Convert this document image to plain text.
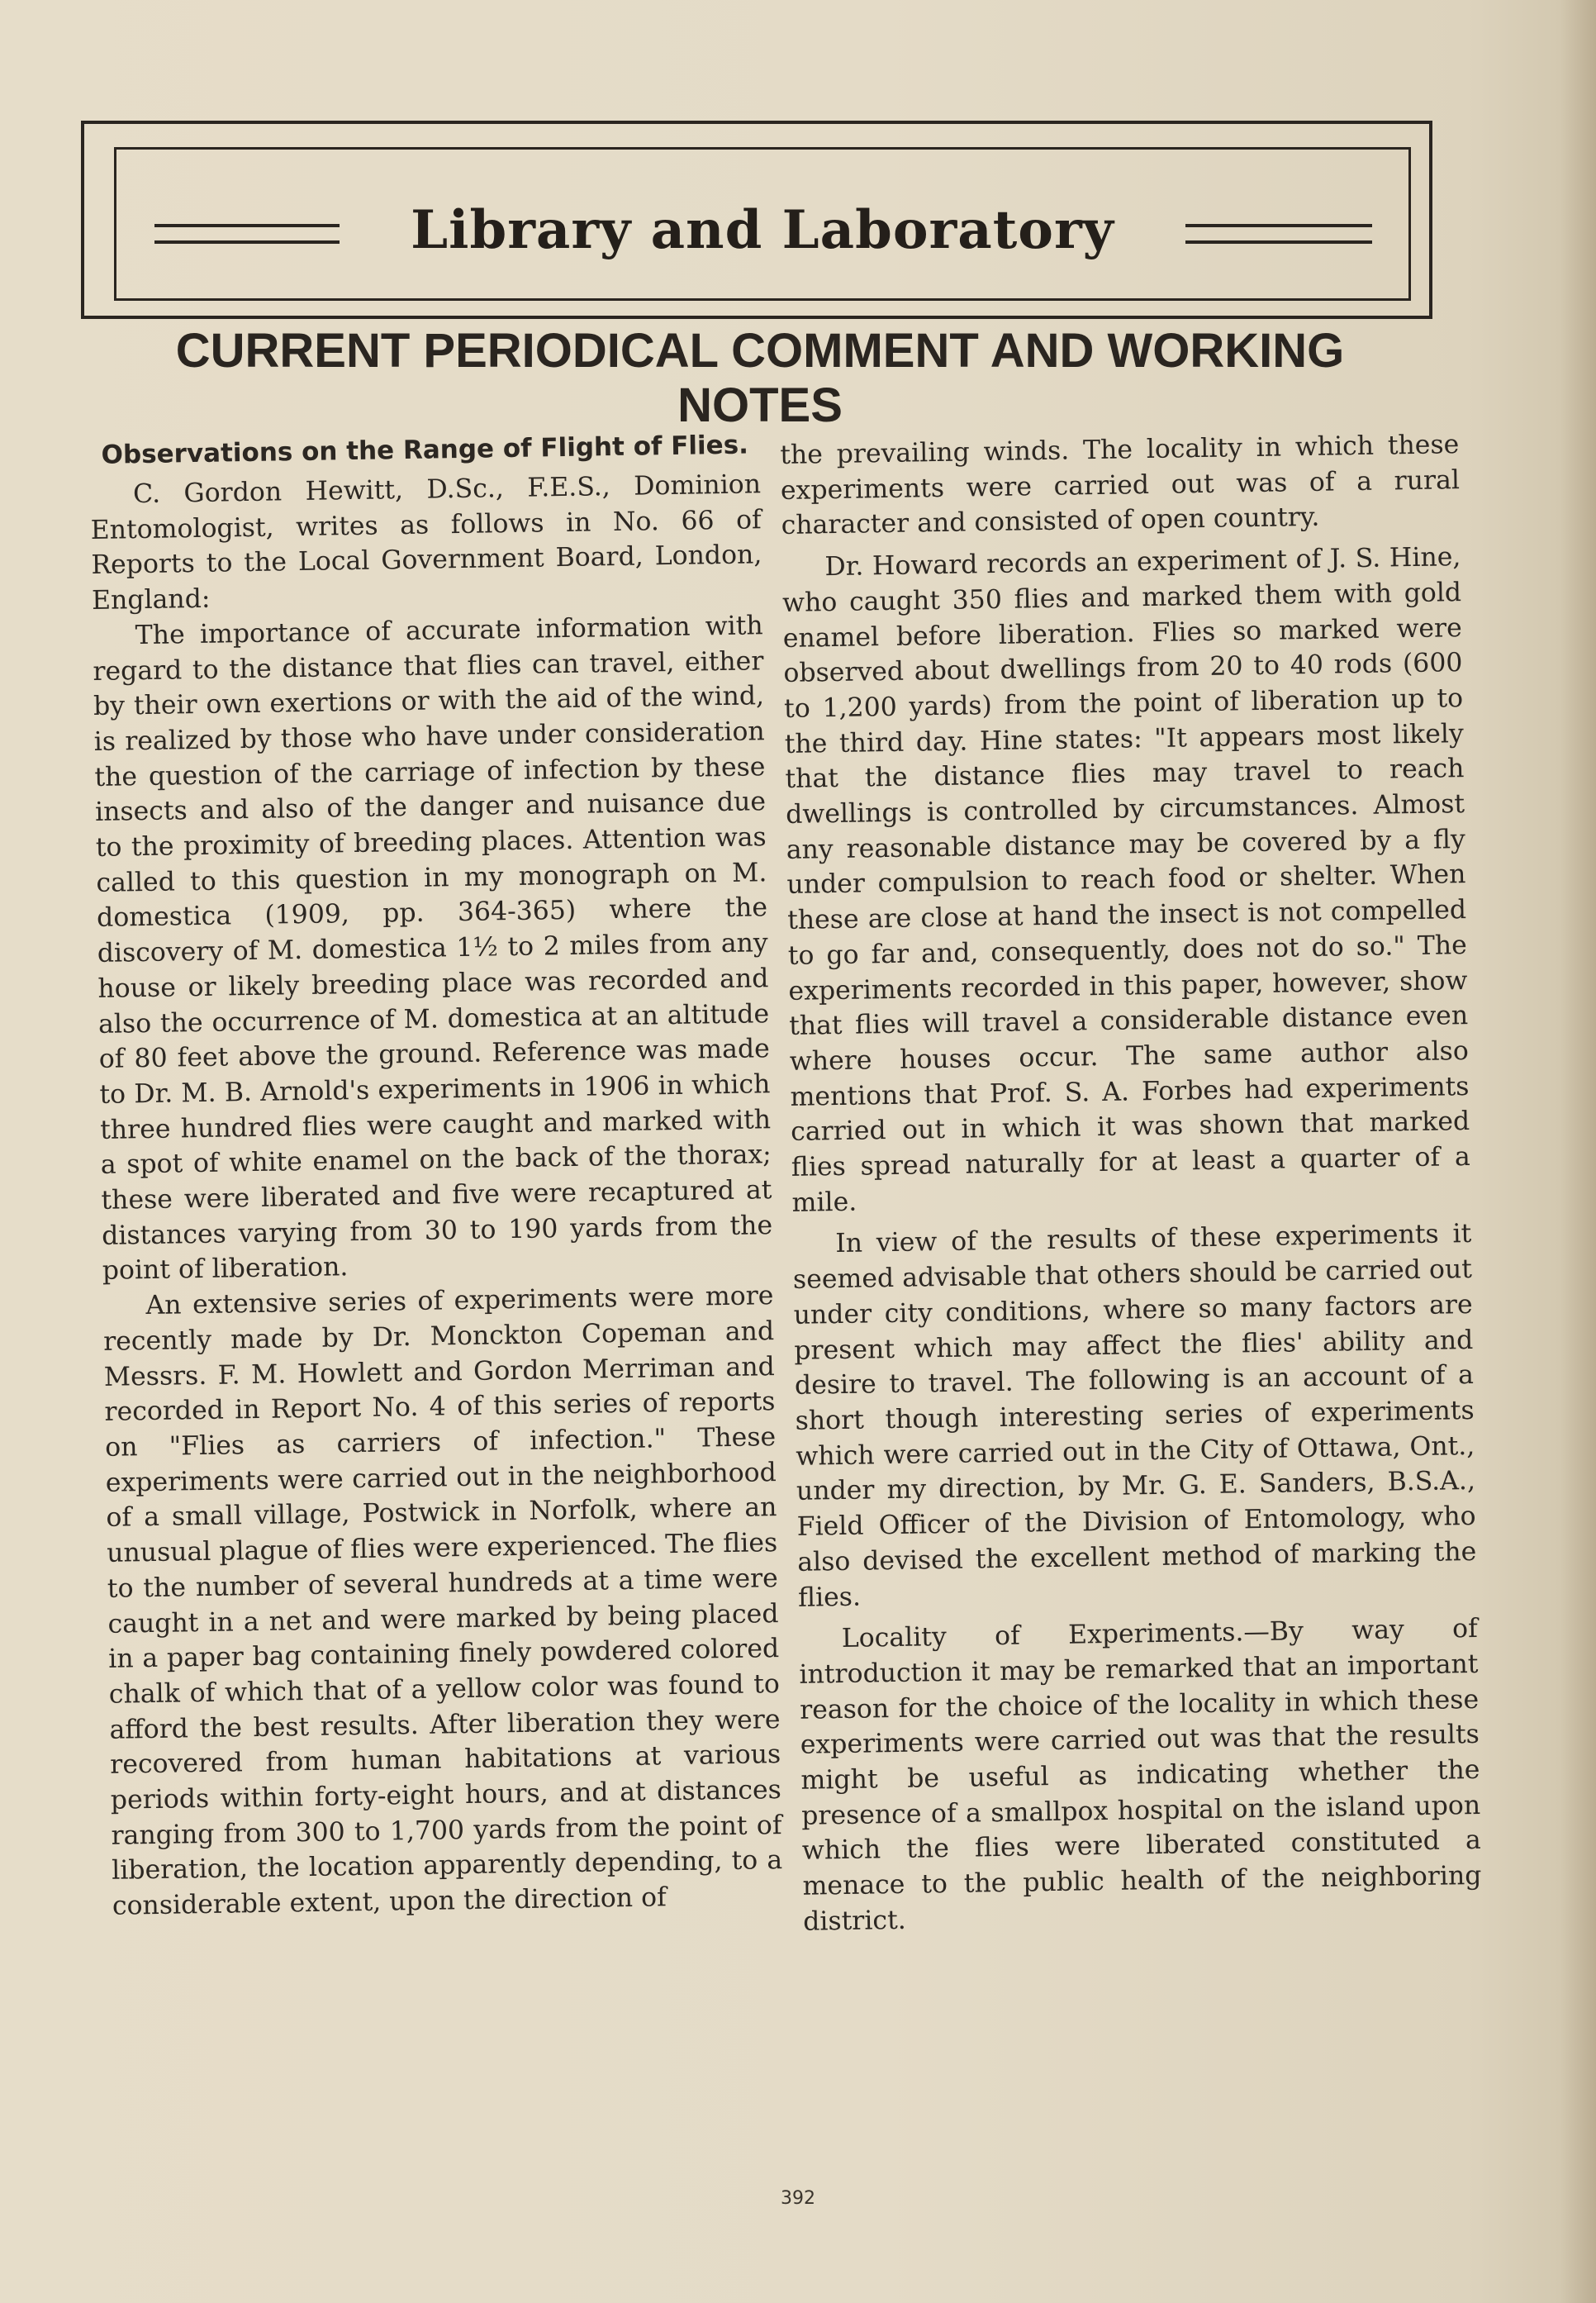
Library and Laboratory
CURRENT PERIODICAL COMMENT AND WORKING NOTES
Observations on the Range of Flight of Flies.

C. Gordon Hewitt, D.Sc., F.E.S., Dominion Entomologist, writes as follows in No. 66 of Reports to the Local Government Board, London, England:

The importance of accurate information with regard to the distance that flies can travel, either by their own exertions or with the aid of the wind, is realized by those who have under consideration the question of the carriage of infection by these insects and also of the danger and nuisance due to the proximity of breeding places. Attention was called to this question in my monograph on M. domestica (1909, pp. 364-365) where the discovery of M. domestica 1½ to 2 miles from any house or likely breeding place was recorded and also the occurrence of M. domestica at an altitude of 80 feet above the ground. Reference was made to Dr. M. B. Arnold's experiments in 1906 in which three hundred flies were caught and marked with a spot of white enamel on the back of the thorax; these were liberated and five were recaptured at distances varying from 30 to 190 yards from the point of liberation.

An extensive series of experiments were more recently made by Dr. Monckton Copeman and Messrs. F. M. Howlett and Gordon Merriman and recorded in Report No. 4 of this series of reports on "Flies as carriers of infection." These experiments were carried out in the neighborhood of a small village, Postwick in Norfolk, where an unusual plague of flies were experienced. The flies to the number of several hundreds at a time were caught in a net and were marked by being placed in a paper bag containing finely powdered colored chalk of which that of a yellow color was found to afford the best results. After liberation they were recovered from human habitations at various periods within forty-eight hours, and at distances ranging from 300 to 1,700 yards from the point of liberation, the location apparently depending, to a considerable extent, upon the direction of

the prevailing winds. The locality in which these experiments were carried out was of a rural character and consisted of open country.

Dr. Howard records an experiment of J. S. Hine, who caught 350 flies and marked them with gold enamel before liberation. Flies so marked were observed about dwellings from 20 to 40 rods (600 to 1,200 yards) from the point of liberation up to the third day. Hine states: "It appears most likely that the distance flies may travel to reach dwellings is controlled by circumstances. Almost any reasonable distance may be covered by a fly under compulsion to reach food or shelter. When these are close at hand the insect is not compelled to go far and, consequently, does not do so." The experiments recorded in this paper, however, show that flies will travel a considerable distance even where houses occur. The same author also mentions that Prof. S. A. Forbes had experiments carried out in which it was shown that marked flies spread naturally for at least a quarter of a mile.

In view of the results of these experiments it seemed advisable that others should be carried out under city conditions, where so many factors are present which may affect the flies' ability and desire to travel. The following is an account of a short though interesting series of experiments which were carried out in the City of Ottawa, Ont., under my direction, by Mr. G. E. Sanders, B.S.A., Field Officer of the Division of Entomology, who also devised the excellent method of marking the flies.

Locality of Experiments.—By way of introduction it may be remarked that an important reason for the choice of the locality in which these experiments were carried out was that the results might be useful as indicating whether the presence of a smallpox hospital on the island upon which the flies were liberated constituted a menace to the public health of the neighboring district.

392
